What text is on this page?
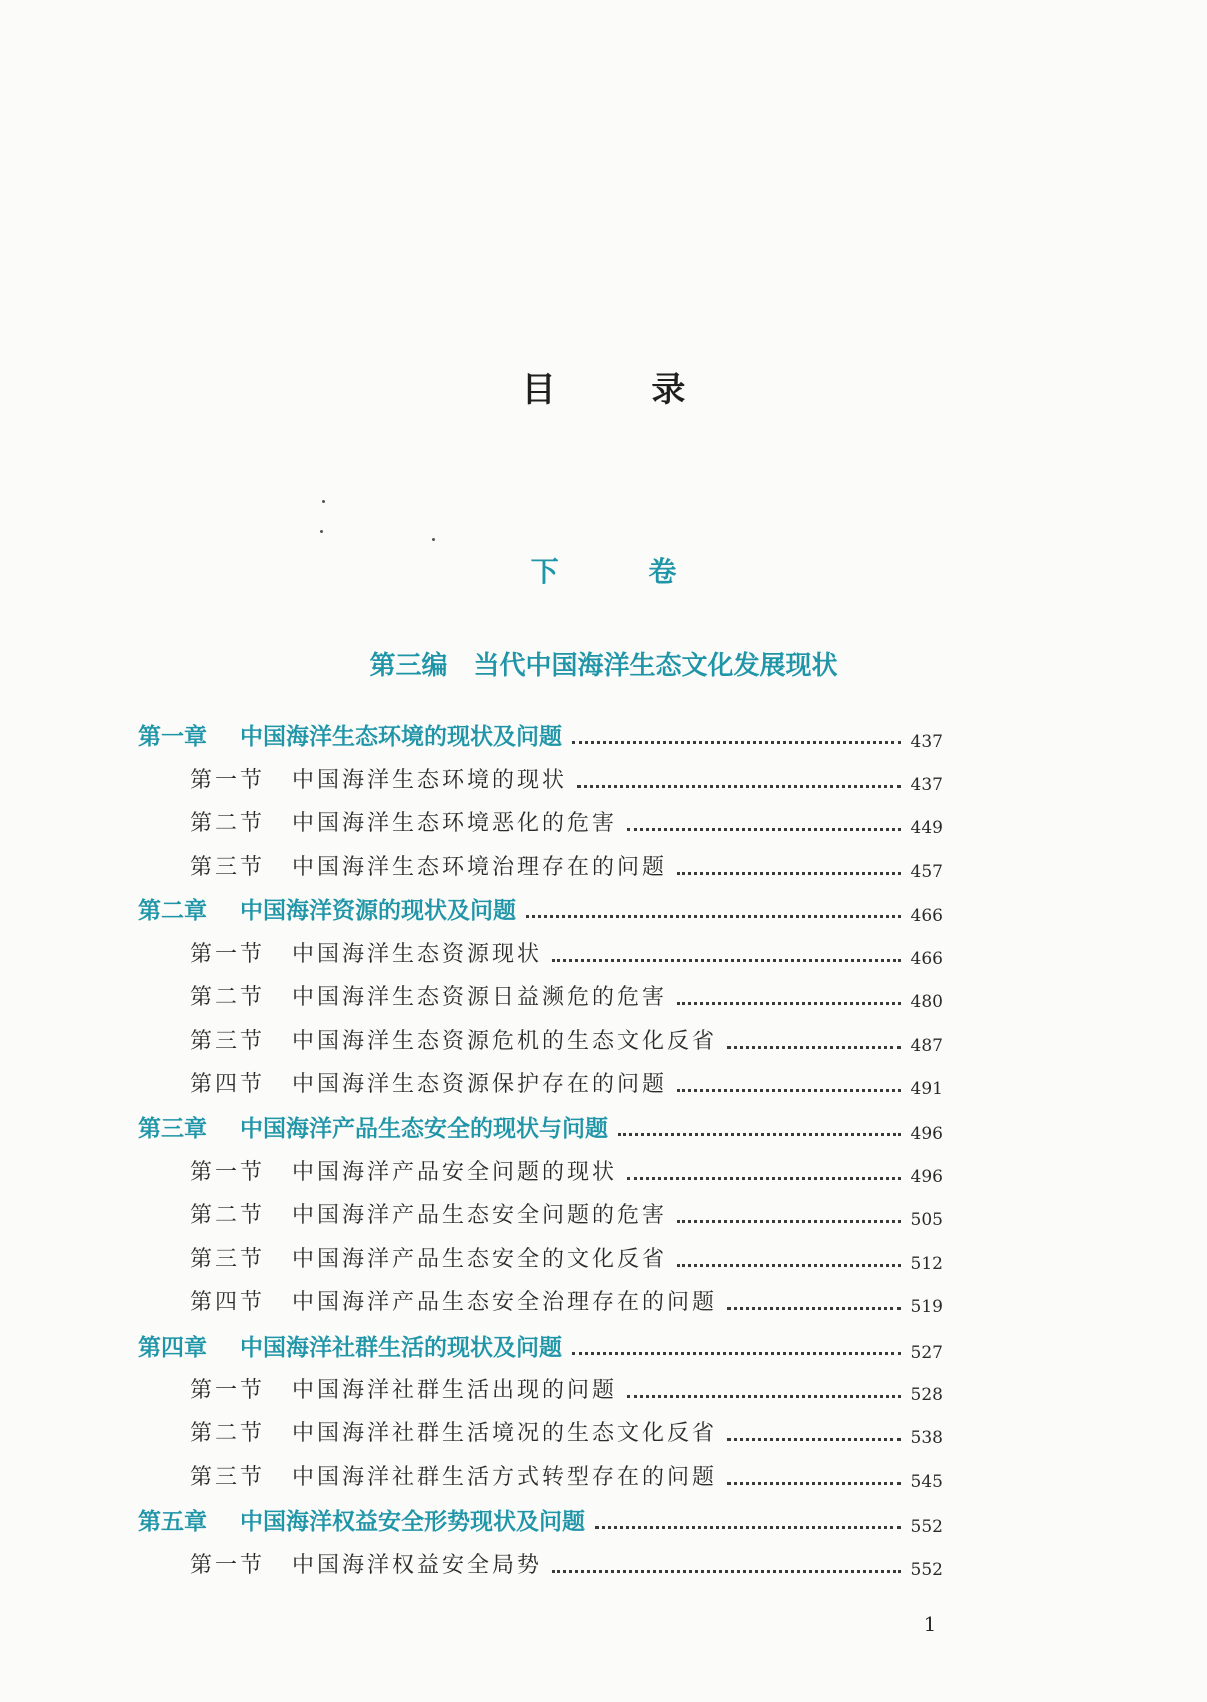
目 录
下 卷
第三编　当代中国海洋生态文化发展现状
第一章	中国海洋生态环境的现状及问题	437
第一节	中国海洋生态环境的现状	437
第二节	中国海洋生态环境恶化的危害	449
第三节	中国海洋生态环境治理存在的问题	457
第二章	中国海洋资源的现状及问题	466
第一节	中国海洋生态资源现状	466
第二节	中国海洋生态资源日益濒危的危害	480
第三节	中国海洋生态资源危机的生态文化反省	487
第四节	中国海洋生态资源保护存在的问题	491
第三章	中国海洋产品生态安全的现状与问题	496
第一节	中国海洋产品安全问题的现状	496
第二节	中国海洋产品生态安全问题的危害	505
第三节	中国海洋产品生态安全的文化反省	512
第四节	中国海洋产品生态安全治理存在的问题	519
第四章	中国海洋社群生活的现状及问题	527
第一节	中国海洋社群生活出现的问题	528
第二节	中国海洋社群生活境况的生态文化反省	538
第三节	中国海洋社群生活方式转型存在的问题	545
第五章	中国海洋权益安全形势现状及问题	552
第一节	中国海洋权益安全局势	552
1
